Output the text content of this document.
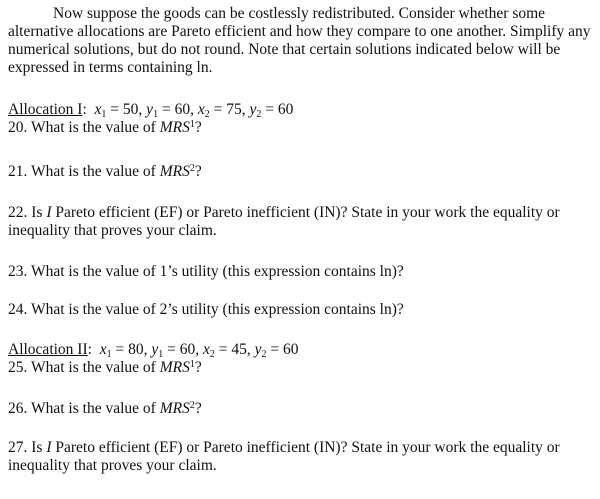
Now suppose the goods can be costlessly redistributed. Consider whether some alternative allocations are Pareto efficient and how they compare to one another. Simplify any numerical solutions, but do not round. Note that certain solutions indicated below will be expressed in terms containing ln.

Allocation I:  $x_1 = 50$, $y_1 = 60$, $x_2 = 75$, $y_2 = 60$
20. What is the value of MRS$^1$?
21. What is the value of MRS$^2$?
22. Is I Pareto efficient (EF) or Pareto inefficient (IN)? State in your work the equality or inequality that proves your claim.
23. What is the value of 1’s utility (this expression contains ln)?
24. What is the value of 2’s utility (this expression contains ln)?
Allocation II:  $x_1 = 80$, $y_1 = 60$, $x_2 = 45$, $y_2 = 60$
25. What is the value of MRS$^1$?
26. What is the value of MRS$^2$?
27. Is I Pareto efficient (EF) or Pareto inefficient (IN)? State in your work the equality or inequality that proves your claim.
